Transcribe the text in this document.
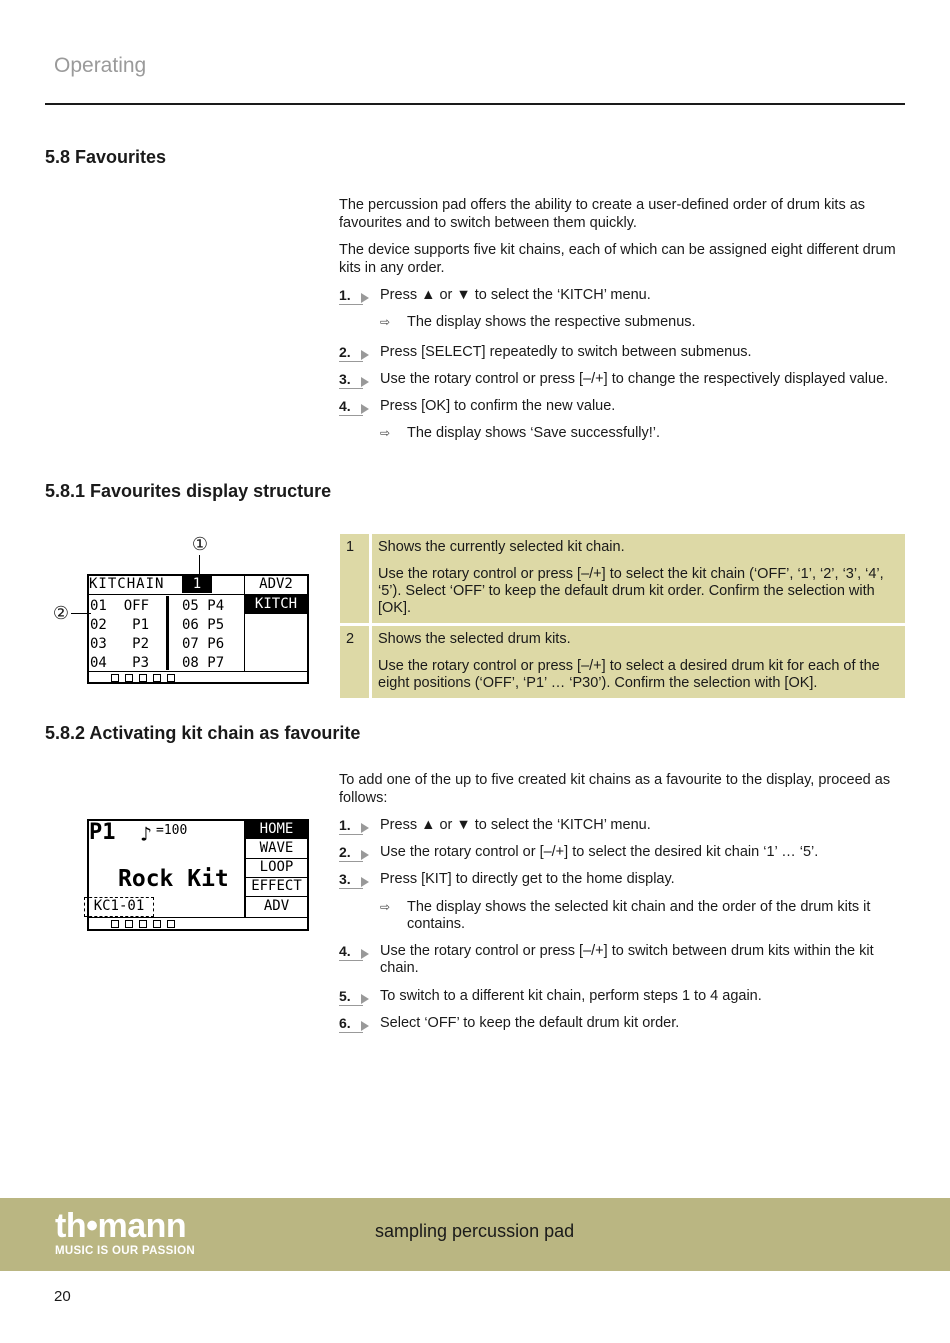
Operating
5.8 Favourites
The percussion pad offers the ability to create a user-defined order of drum kits as favourites and to switch between them quickly.
The device supports five kit chains, each of which can be assigned eight different drum kits in any order.
1. Press ▲ or ▼ to select the ‘KITCH’ menu.
⇨ The display shows the respective submenus.
2. Press [SELECT] repeatedly to switch between submenus.
3. Use the rotary control or press [–/+] to change the respectively displayed value.
4. Press [OK] to confirm the new value.
⇨ The display shows ‘Save successfully!’.
5.8.1 Favourites display structure
①
②
KITCHAIN	1	ADV2
KITCH
01 OFF
02 P1
03 P2
04 P3
05 P4
06 P5
07 P6
08 P7
1	Shows the currently selected kit chain.

Use the rotary control or press [–/+] to select the kit chain (‘OFF’, ‘1’, ‘2’, ‘3’, ‘4’, ‘5’). Select ‘OFF’ to keep the default drum kit order. Confirm the selection with [OK].

2	Shows the selected drum kits.

Use the rotary control or press [–/+] to select a desired drum kit for each of the eight positions (‘OFF’, ‘P1’ … ‘P30’). Confirm the selection with [OK].

5.8.2 Activating kit chain as favourite
To add one of the up to five created kit chains as a favourite to the display, proceed as follows:
P1 ♪ =100
Rock Kit
KC1-01
HOME
WAVE
LOOP
EFFECT
ADV
1. Press ▲ or ▼ to select the ‘KITCH’ menu.
2. Use the rotary control or [–/+] to select the desired kit chain ‘1’ … ‘5’.
3. Press [KIT] to directly get to the home display.
⇨ The display shows the selected kit chain and the order of the drum kits it contains.
4. Use the rotary control or press [–/+] to switch between drum kits within the kit chain.
5. To switch to a different kit chain, perform steps 1 to 4 again.
6. Select ‘OFF’ to keep the default drum kit order.
th•mann
MUSIC IS OUR PASSION
sampling percussion pad
20
